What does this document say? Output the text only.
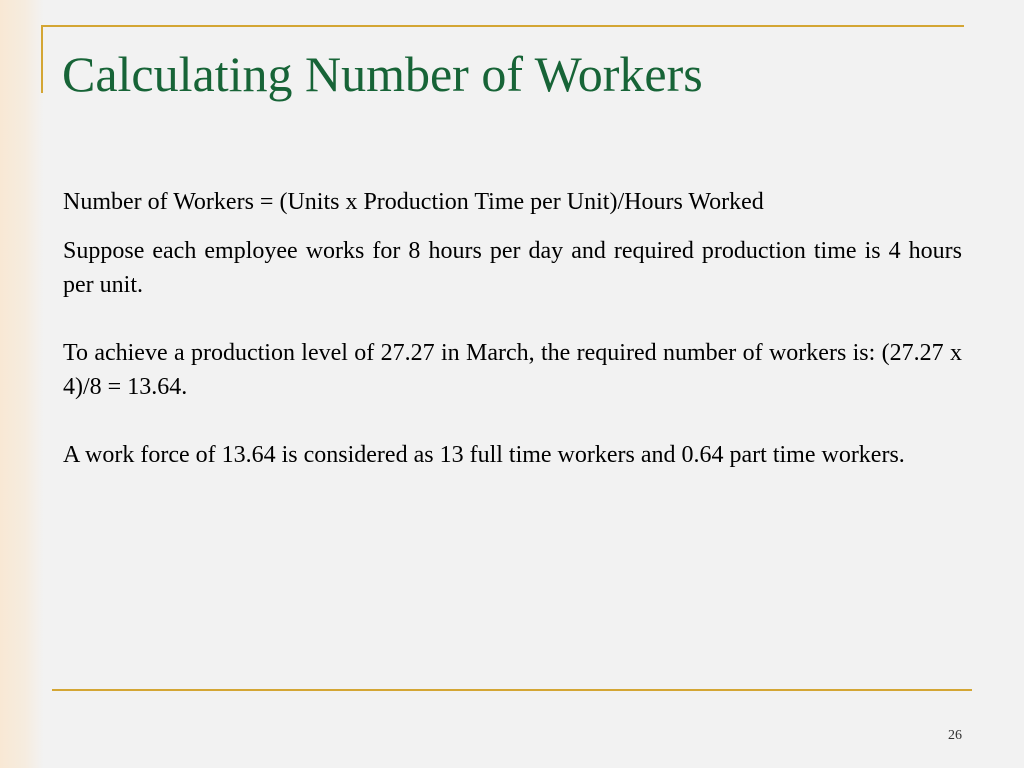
Calculating Number of Workers

Number of Workers = (Units x Production Time per Unit)/Hours Worked

Suppose each employee works for 8 hours per day and required production time is 4 hours per unit.

To achieve a production level of 27.27 in March, the required number of workers is: (27.27 x 4)/8 = 13.64.

A work force of 13.64 is considered as 13 full time workers and 0.64 part time workers.

26
